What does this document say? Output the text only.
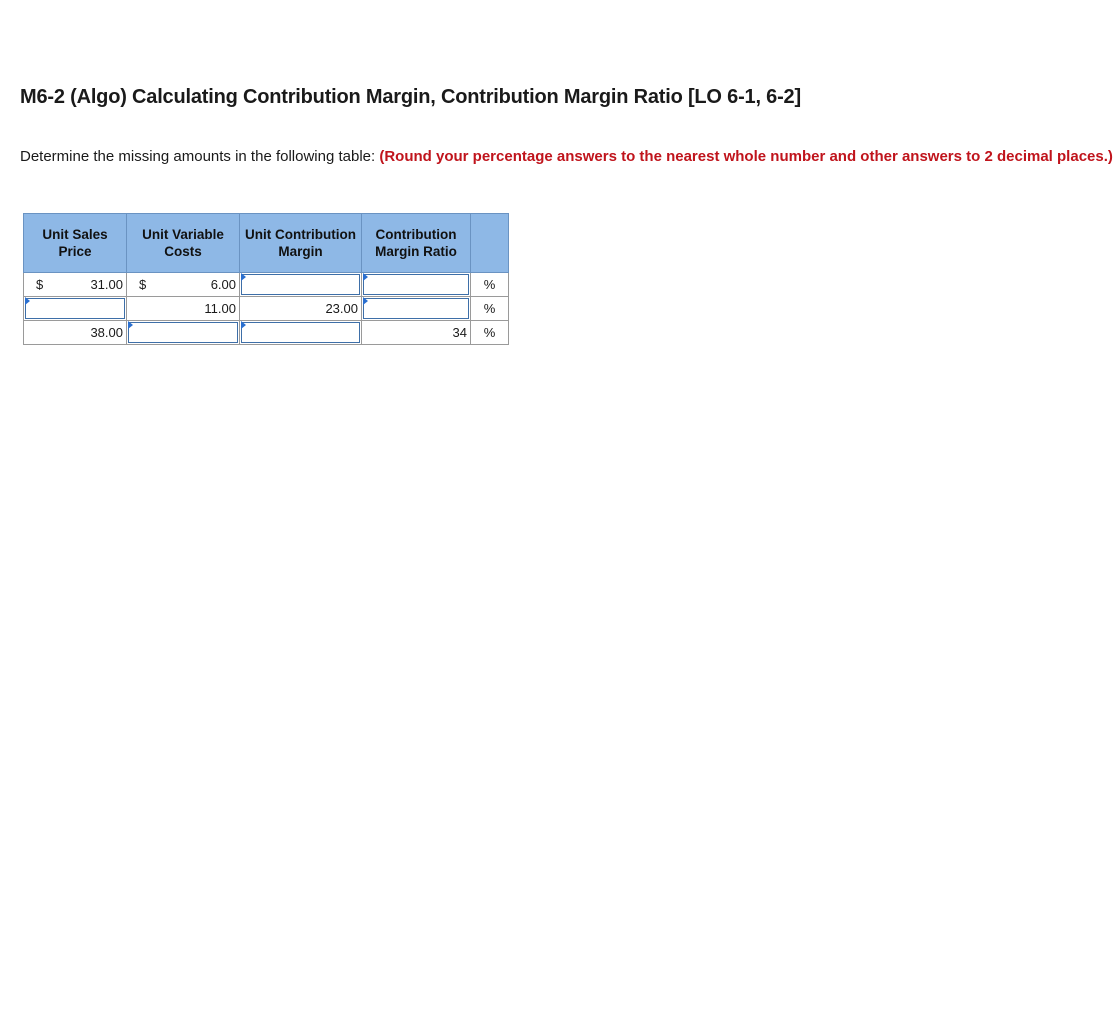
M6-2 (Algo) Calculating Contribution Margin, Contribution Margin Ratio [LO 6-1, 6-2]
Determine the missing amounts in the following table: (Round your percentage answers to the nearest whole number and other answers to 2 decimal places.)
Unit Sales Price	Unit Variable Costs	Unit Contribution Margin	Contribution Margin Ratio	

$ 31.00	$ 6.00			%

	11.00	23.00		%

38.00			34	%
